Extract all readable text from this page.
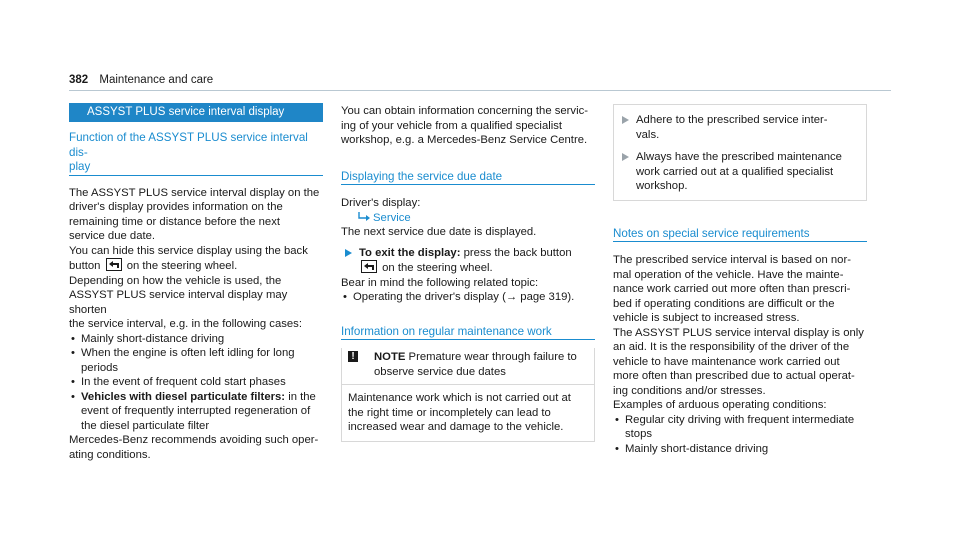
382 Maintenance and care
ASSYST PLUS service interval display
Function of the ASSYST PLUS service interval dis-
play
The ASSYST PLUS service interval display on the
driver's display provides information on the
remaining time or distance before the next
service due date.
You can hide this service display using the back
button on the steering wheel.
Depending on how the vehicle is used, the
ASSYST PLUS service interval display may shorten
the service interval, e.g. in the following cases:
• Mainly short-distance driving
• When the engine is often left idling for long
periods
• In the event of frequent cold start phases
• Vehicles with diesel particulate filters: in the
event of frequently interrupted regeneration of
the diesel particulate filter
Mercedes-Benz recommends avoiding such oper-
ating conditions.
You can obtain information concerning the servic-
ing of your vehicle from a qualified specialist
workshop, e.g. a Mercedes-Benz Service Centre.
Displaying the service due date
Driver's display:
Service
The next service due date is displayed.
To exit the display: press the back button
on the steering wheel.
Bear in mind the following related topic:
• Operating the driver's display (→ page 319).
Information on regular maintenance work
! NOTE Premature wear through failure to
observe service due dates
Maintenance work which is not carried out at
the right time or incompletely can lead to
increased wear and damage to the vehicle.
Adhere to the prescribed service inter-
vals.
Always have the prescribed maintenance
work carried out at a qualified specialist
workshop.
Notes on special service requirements
The prescribed service interval is based on nor-
mal operation of the vehicle. Have the mainte-
nance work carried out more often than prescri-
bed if operating conditions are difficult or the
vehicle is subject to increased stress.
The ASSYST PLUS service interval display is only
an aid. It is the responsibility of the driver of the
vehicle to have maintenance work carried out
more often than prescribed due to actual operat-
ing conditions and/or stresses.
Examples of arduous operating conditions:
• Regular city driving with frequent intermediate
stops
• Mainly short-distance driving
